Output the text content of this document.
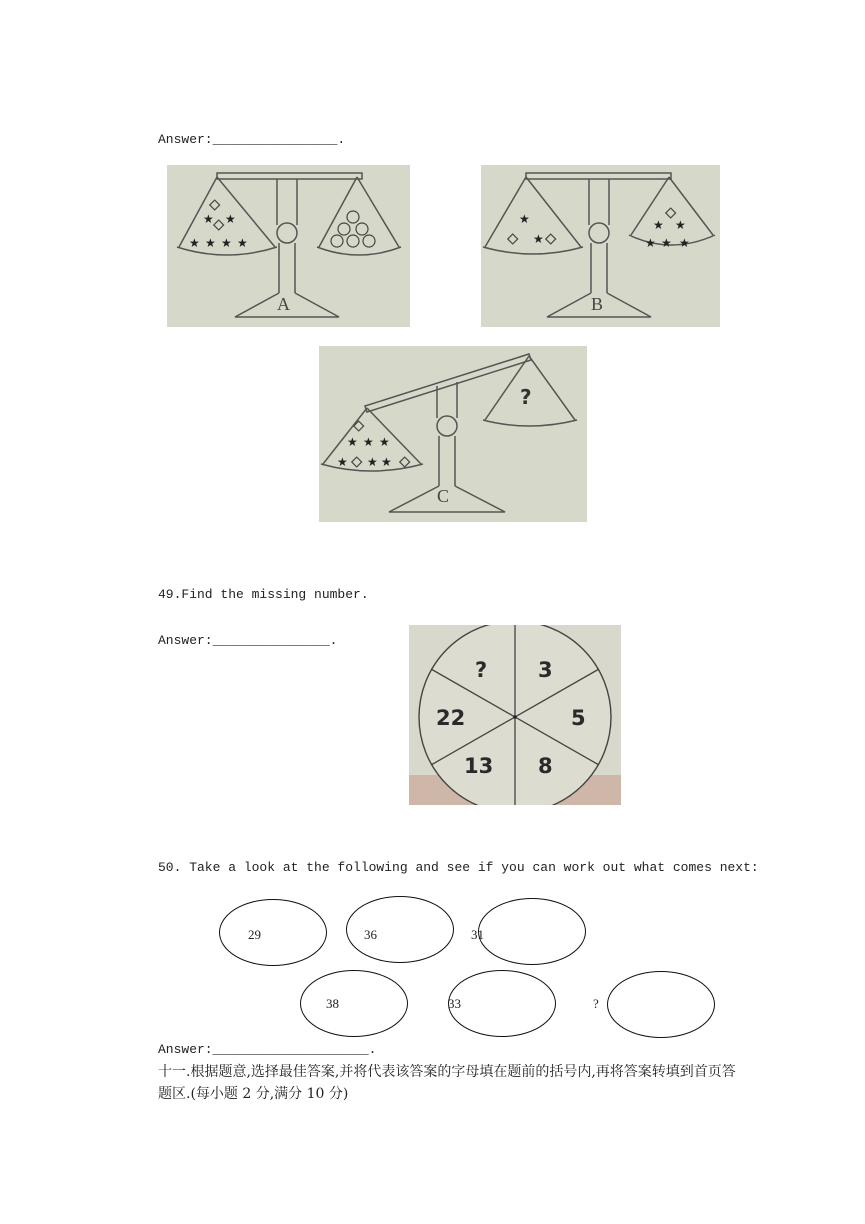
Answer:________________.
★ ★
★ ★ ★ ★
A
★
★
★ ★
★ ★ ★
B
★ ★ ★
★ ★ ★
?
C
49.Find the missing number.
Answer:_______________.
? 3
22	5
13 8
50. Take a look at the following and see if you can work out what comes next:
29	36	31
38	33	?
Answer:____________________.
十一.根据题意,选择最佳答案,并将代表该答案的字母填在题前的括号内,再将答案转填到首页答题区.(每小题 2 分,满分 10 分)
